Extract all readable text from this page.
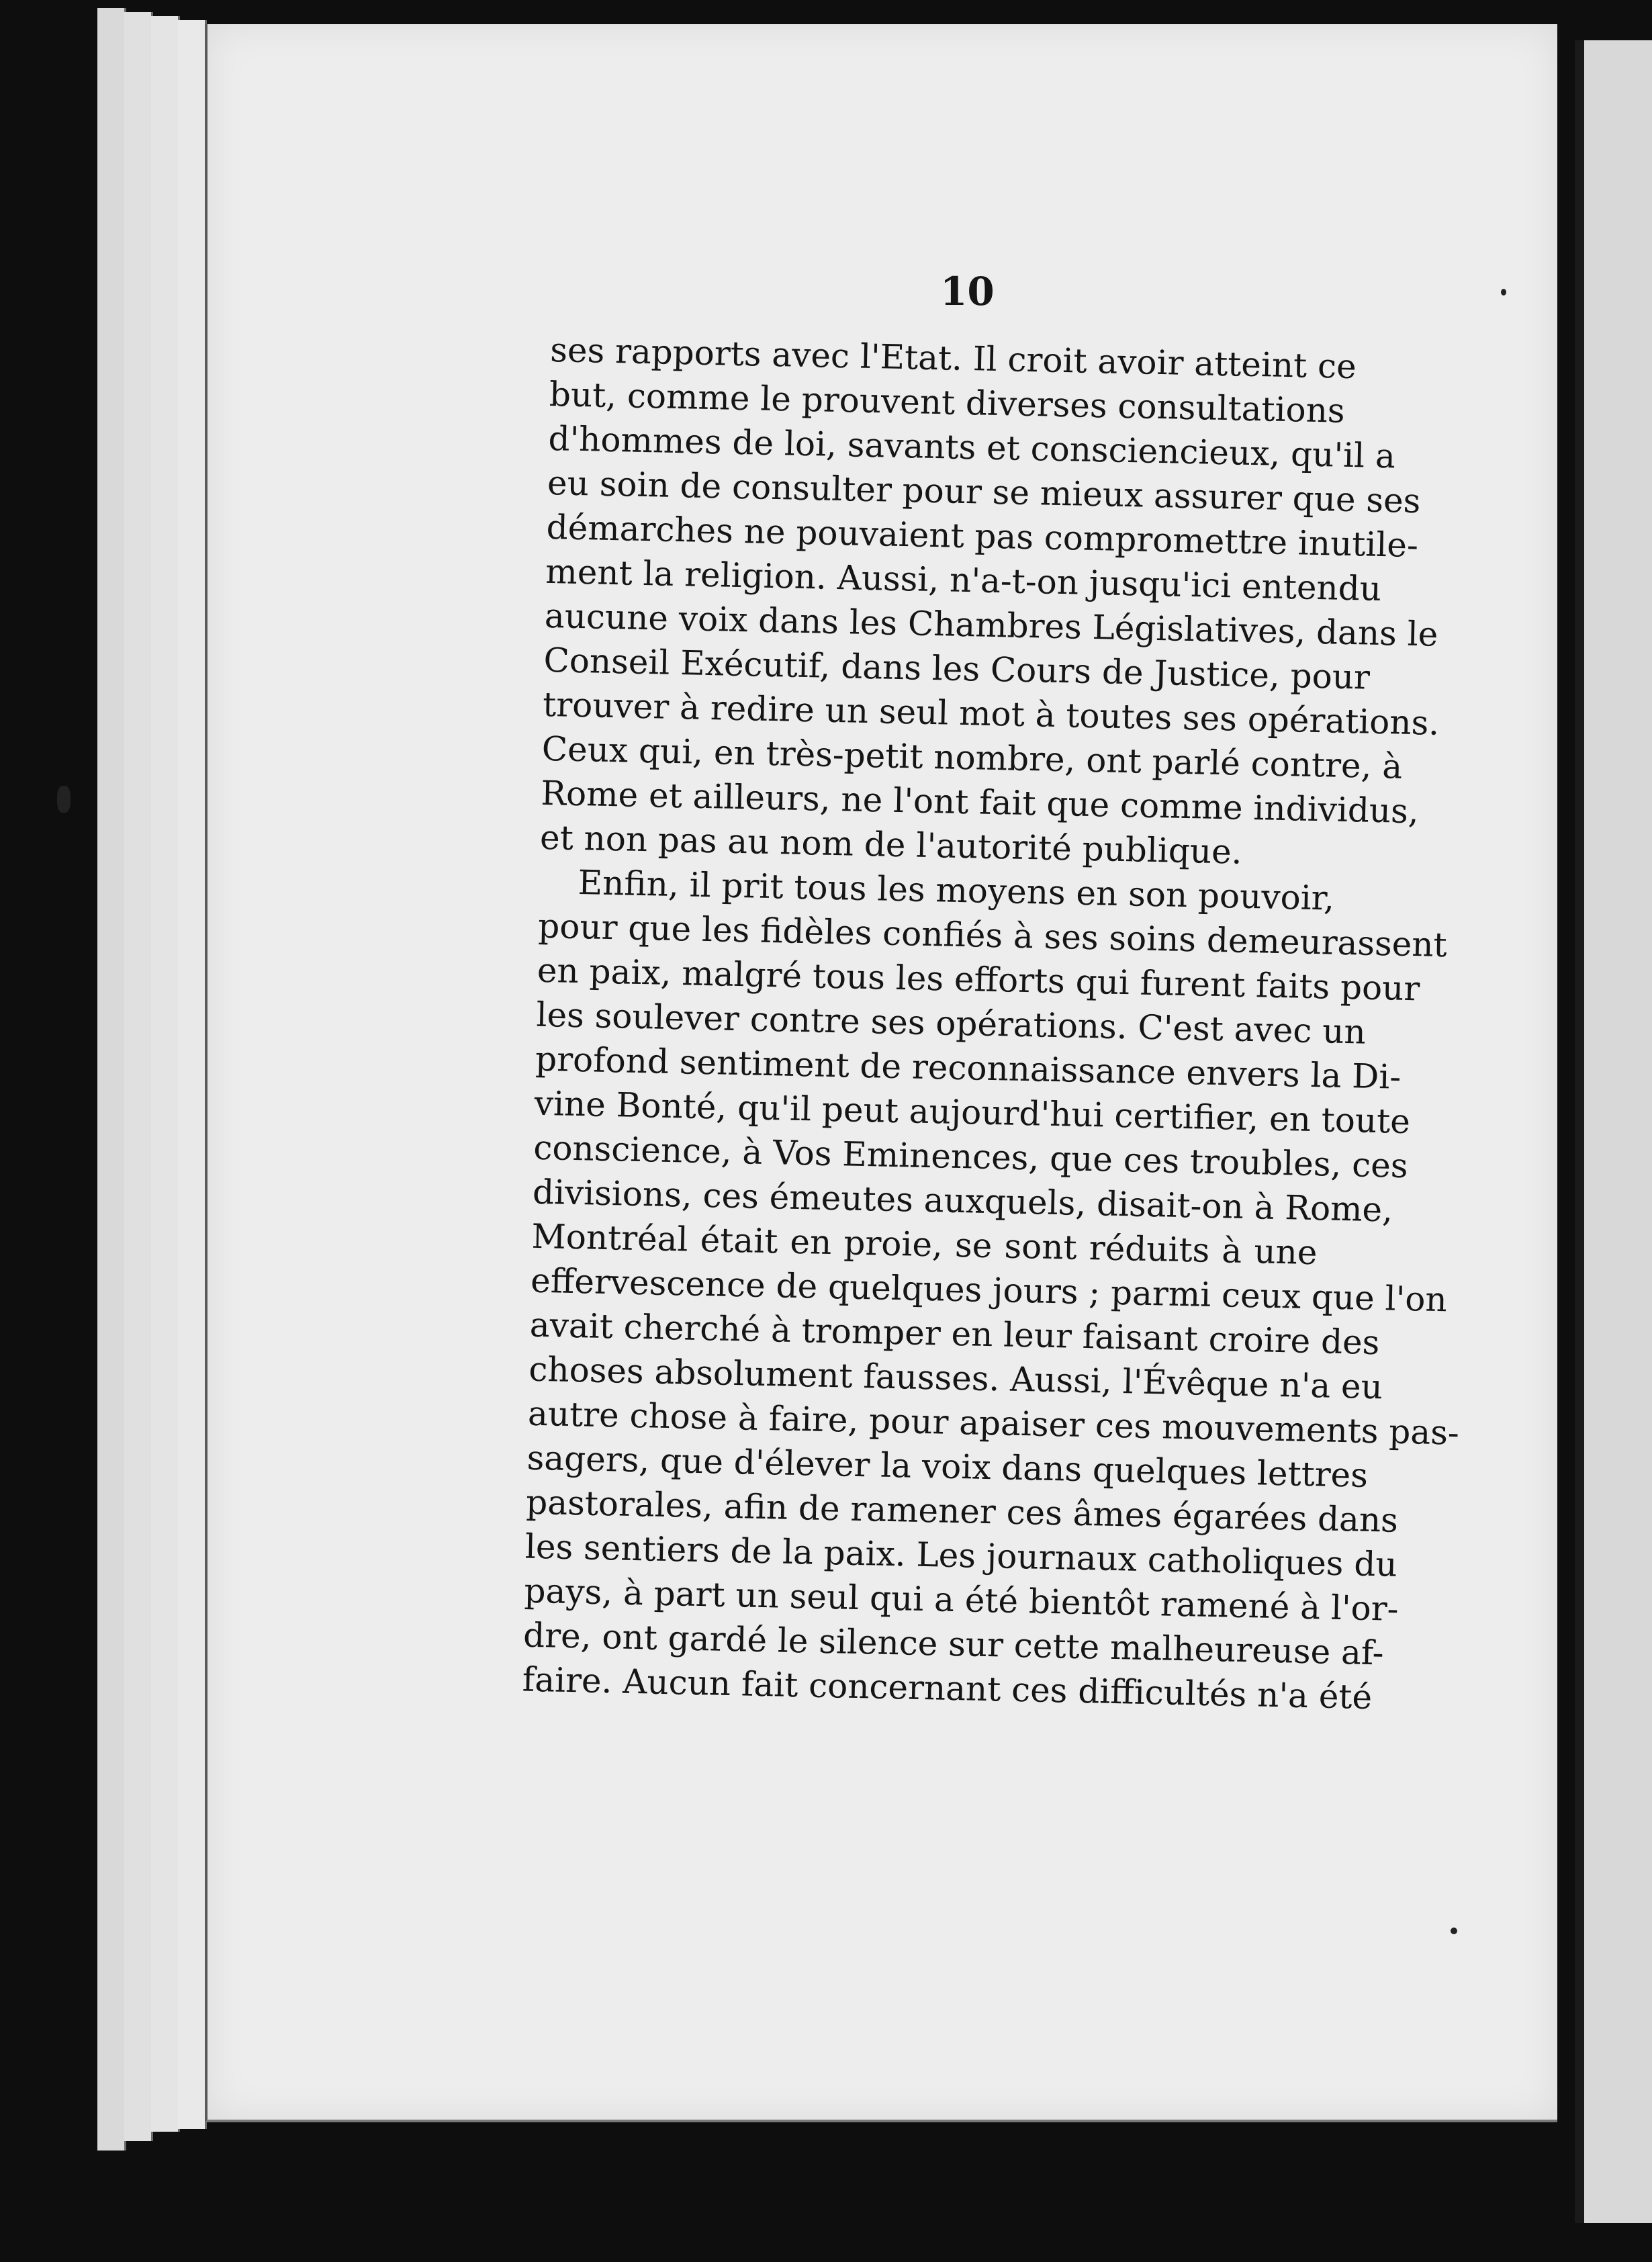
10
ses rapports avec l'Etat. Il croit avoir atteint ce
but, comme le prouvent diverses consultations
d'hommes de loi, savants et consciencieux, qu'il a
eu soin de consulter pour se mieux assurer que ses
démarches ne pouvaient pas compromettre inutile-
ment la religion. Aussi, n'a-t-on jusqu'ici entendu
aucune voix dans les Chambres Législatives, dans le
Conseil Exécutif, dans les Cours de Justice, pour
trouver à redire un seul mot à toutes ses opérations.
Ceux qui, en très-petit nombre, ont parlé contre, à
Rome et ailleurs, ne l'ont fait que comme individus,
et non pas au nom de l'autorité publique.
Enfin, il prit tous les moyens en son pouvoir,
pour que les fidèles confiés à ses soins demeurassent
en paix, malgré tous les efforts qui furent faits pour
les soulever contre ses opérations. C'est avec un
profond sentiment de reconnaissance envers la Di-
vine Bonté, qu'il peut aujourd'hui certifier, en toute
conscience, à Vos Eminences, que ces troubles, ces
divisions, ces émeutes auxquels, disait-on à Rome,
Montréal était en proie, se sont réduits à une
effervescence de quelques jours ; parmi ceux que l'on
avait cherché à tromper en leur faisant croire des
choses absolument fausses. Aussi, l'Évêque n'a eu
autre chose à faire, pour apaiser ces mouvements pas-
sagers, que d'élever la voix dans quelques lettres
pastorales, afin de ramener ces âmes égarées dans
les sentiers de la paix. Les journaux catholiques du
pays, à part un seul qui a été bientôt ramené à l'or-
dre, ont gardé le silence sur cette malheureuse af-
faire. Aucun fait concernant ces difficultés n'a été
